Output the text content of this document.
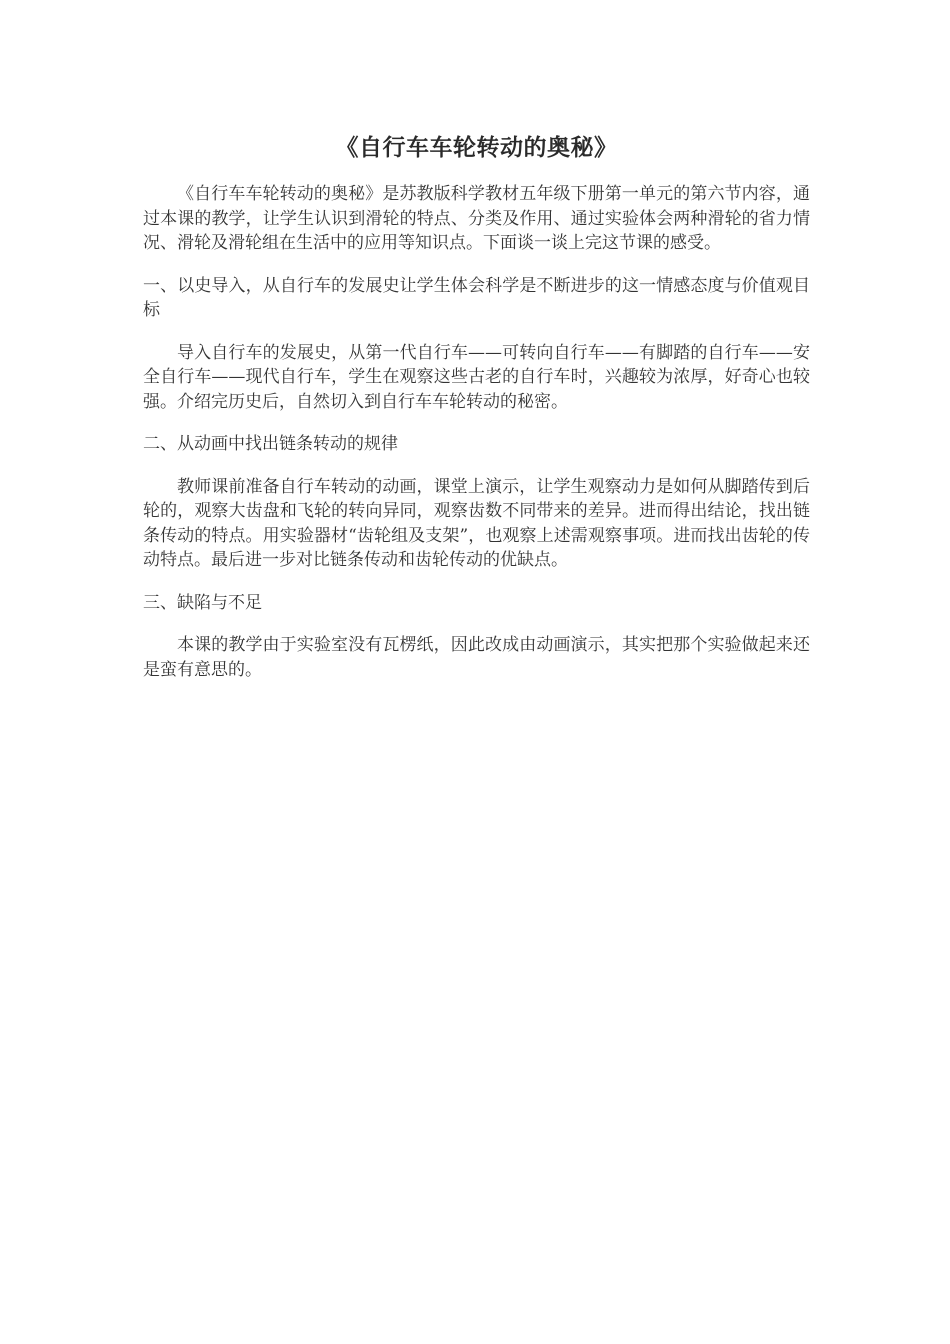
《自行车车轮转动的奥秘》

《自行车车轮转动的奥秘》是苏教版科学教材五年级下册第一单元的第六节内容，通过本课的教学，让学生认识到滑轮的特点、分类及作用、通过实验体会两种滑轮的省力情况、滑轮及滑轮组在生活中的应用等知识点。下面谈一谈上完这节课的感受。

一、以史导入，从自行车的发展史让学生体会科学是不断进步的这一情感态度与价值观目标

导入自行车的发展史，从第一代自行车——可转向自行车——有脚踏的自行车——安全自行车——现代自行车，学生在观察这些古老的自行车时，兴趣较为浓厚，好奇心也较强。介绍完历史后，自然切入到自行车车轮转动的秘密。

二、从动画中找出链条转动的规律

教师课前准备自行车转动的动画，课堂上演示，让学生观察动力是如何从脚踏传到后轮的，观察大齿盘和飞轮的转向异同，观察齿数不同带来的差异。进而得出结论，找出链条传动的特点。用实验器材“齿轮组及支架”，也观察上述需观察事项。进而找出齿轮的传动特点。最后进一步对比链条传动和齿轮传动的优缺点。

三、缺陷与不足

本课的教学由于实验室没有瓦楞纸，因此改成由动画演示，其实把那个实验做起来还是蛮有意思的。
